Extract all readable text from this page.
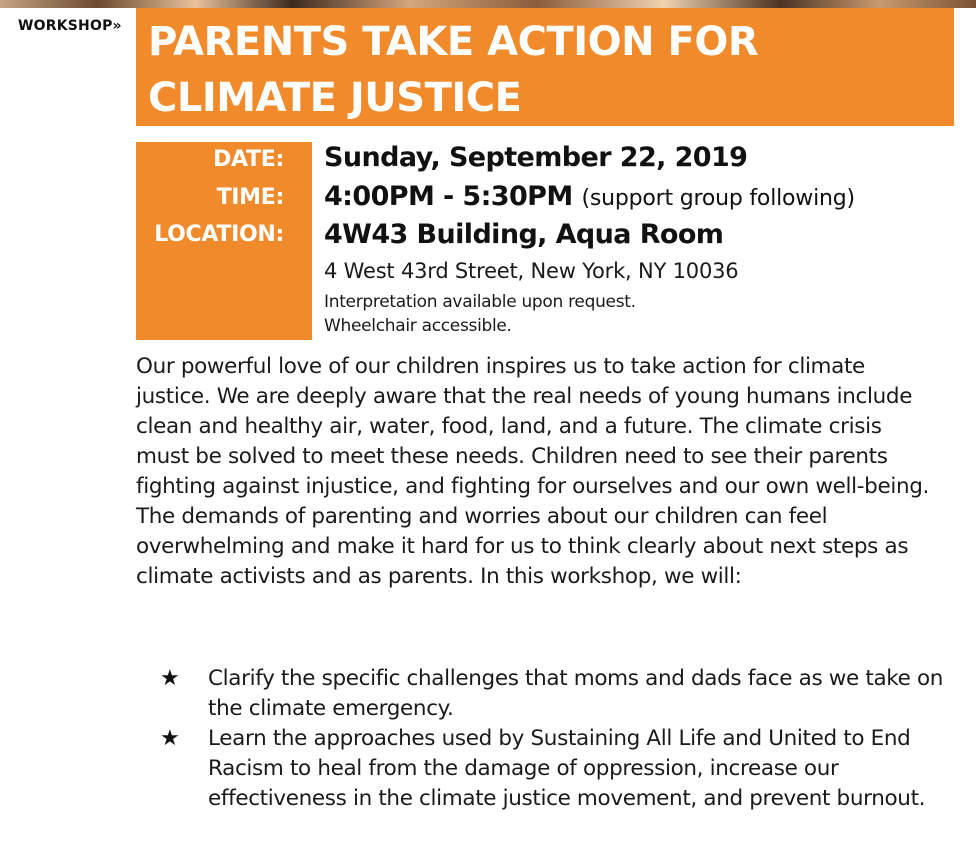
WORKSHOP» PARENTS TAKE ACTION FOR CLIMATE JUSTICE
DATE:
TIME:
LOCATION:
Sunday, September 22, 2019
4:00PM - 5:30PM (support group following)
4W43 Building, Aqua Room
4 West 43rd Street, New York, NY 10036
Interpretation available upon request.
Wheelchair accessible.
Our powerful love of our children inspires us to take action for climate justice. We are deeply aware that the real needs of young humans include clean and healthy air, water, food, land, and a future. The climate crisis must be solved to meet these needs. Children need to see their parents fighting against injustice, and fighting for ourselves and our own well-being. The demands of parenting and worries about our children can feel overwhelming and make it hard for us to think clearly about next steps as climate activists and as parents. In this workshop, we will:
★ Clarify the specific challenges that moms and dads face as we take on the climate emergency.
★ Learn the approaches used by Sustaining All Life and United to End Racism to heal from the damage of oppression, increase our effectiveness in the climate justice movement, and prevent burnout.
